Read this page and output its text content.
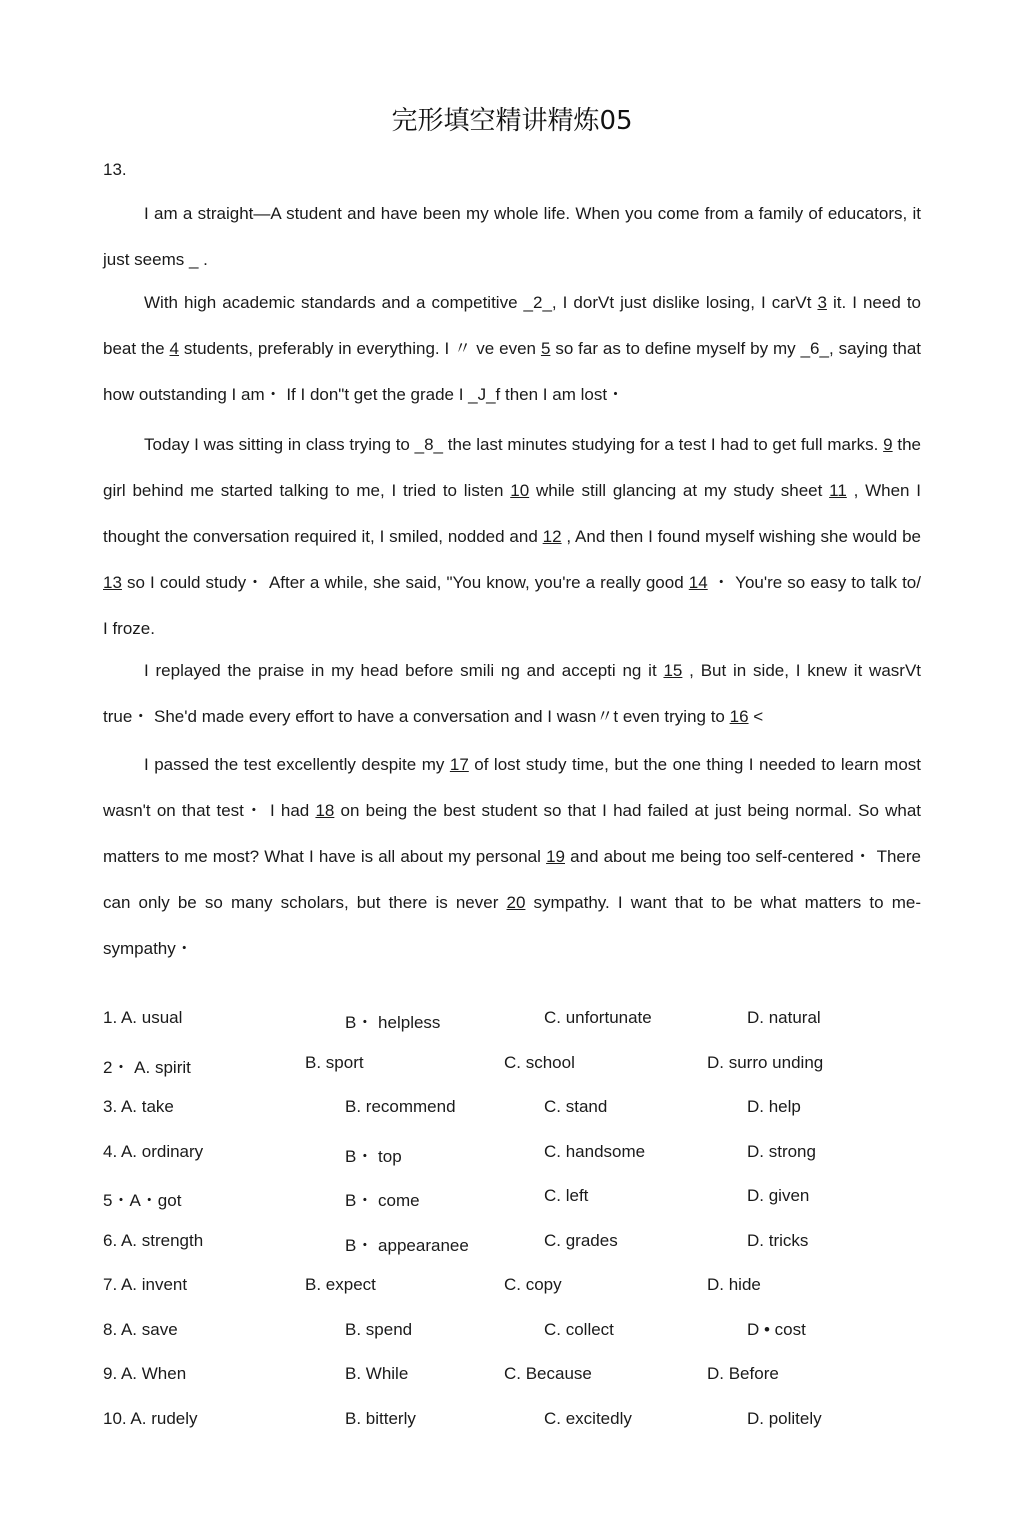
完形填空精讲精炼05
13.
I am a straight—A student and have been my whole life. When you come from a family of educators, it just seems _ .
With high academic standards and a competitive _2_, I dorVt just dislike losing, I carVt 3 it. I need to beat the 4 students, preferably in everything. I 〃 ve even 5 so far as to define myself by my _6_, saying that how outstanding I am・ If I don"t get the grade I _J_f then I am lost・
Today I was sitting in class trying to _8_ the last minutes studying for a test I had to get full marks. 9 the girl behind me started talking to me, I tried to listen 10 while still glancing at my study sheet 11 , When I thought the conversation required it, I smiled, nodded and 12 , And then I found myself wishing she would be 13 so I could study・ After a while, she said, "You know, you're a really good 14 ・ You're so easy to talk to/ I froze.
I replayed the praise in my head before smili ng and accepti ng it 15 , But in side, I knew it wasrVt true・ She'd made every effort to have a conversation and I wasn〃t even trying to 16 <
I passed the test excellently despite my 17 of lost study time, but the one thing I needed to learn most wasn't on that test・ I had 18 on being the best student so that I had failed at just being normal. So what matters to me most? What I have is all about my personal 19 and about me being too self-centered・ There can only be so many scholars, but there is never 20 sympathy. I want that to be what matters to me-sympathy・
1. A. usual	B・ helpless	C. unfortunate	D. natural
2・ A. spirit	B. sport	C. school	D. surro unding
3. A. take	B. recommend	C. stand	D. help
4. A. ordinary	B・ top	C. handsome	D. strong
5・A・got	B・ come	C. left	D. given
6. A. strength	B・ appearanee	C. grades	D. tricks
7. A. invent	B. expect	C. copy	D. hide
8. A. save	B. spend	C. collect	D • cost
9. A. When	B. While	C. Because	D. Before
10. A. rudely	B. bitterly	C. excitedly	D. politely
